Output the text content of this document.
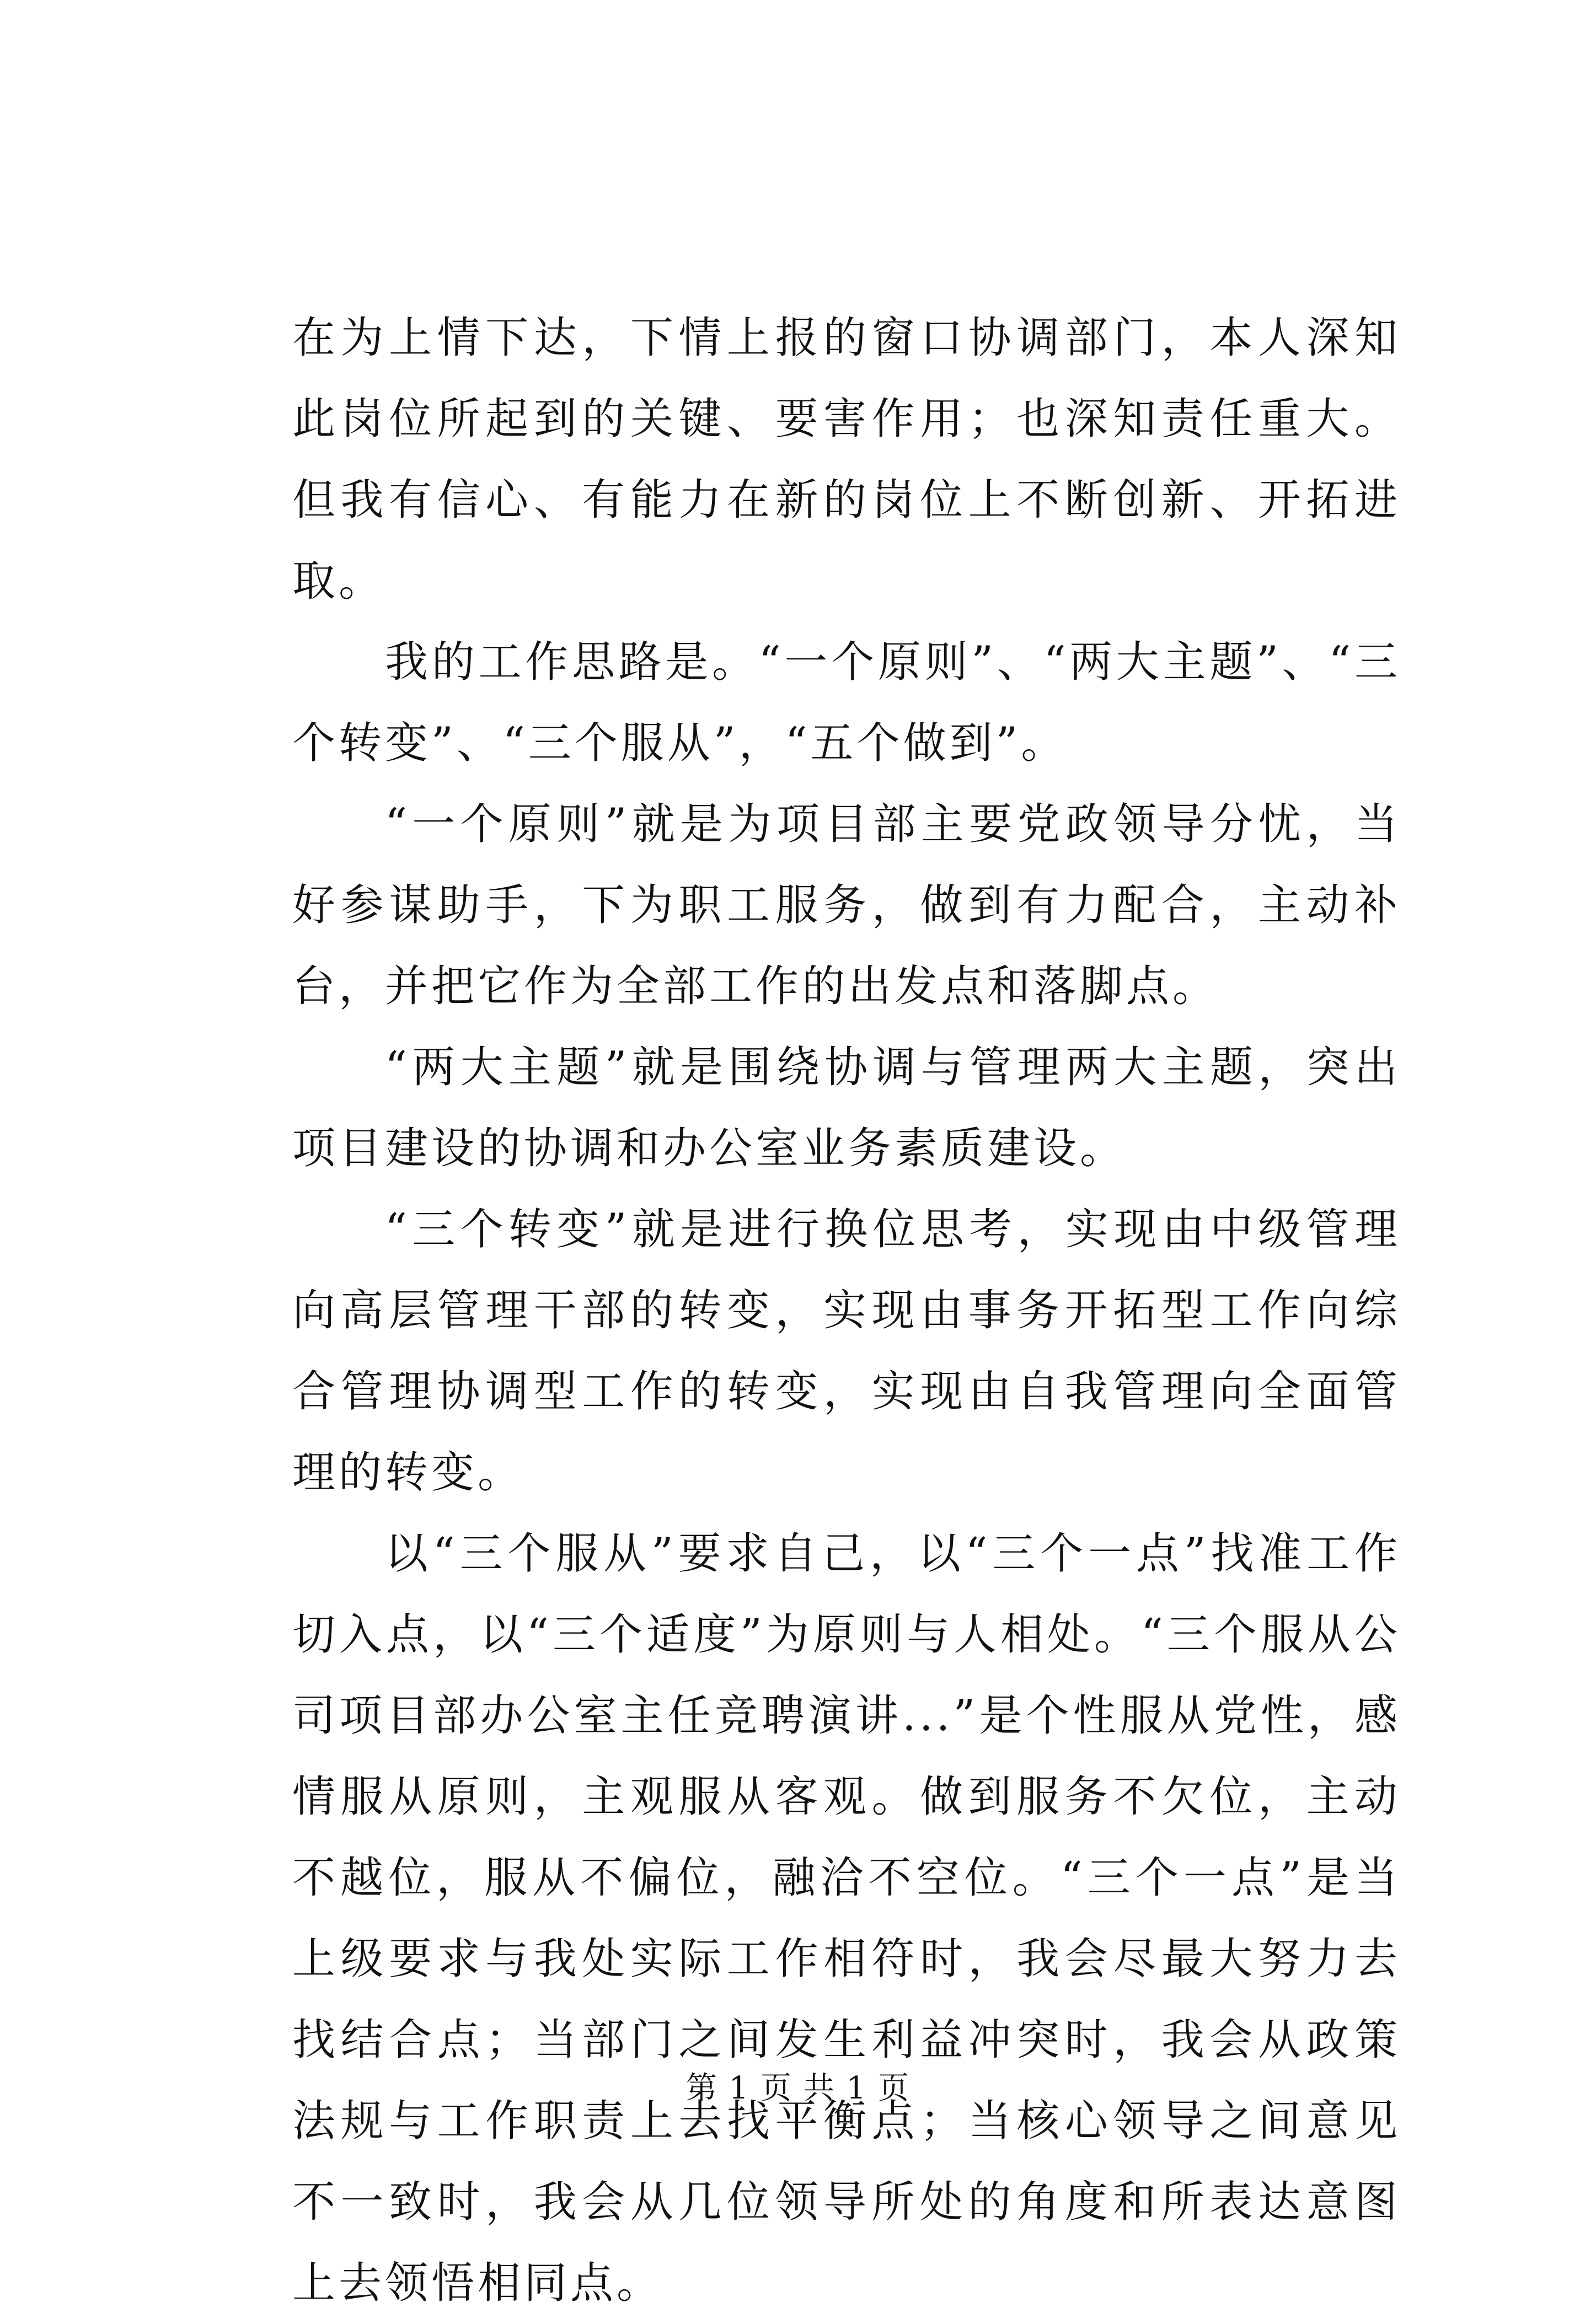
在为上情下达，下情上报的窗口协调部门，本人深知此岗位所起到的关键、要害作用；也深知责任重大。但我有信心、有能力在新的岗位上不断创新、开拓进取。

我的工作思路是。“一个原则”、“两大主题”、“三个转变”、“三个服从”，“五个做到”。

“一个原则”就是为项目部主要党政领导分忧，当好参谋助手，下为职工服务，做到有力配合，主动补台，并把它作为全部工作的出发点和落脚点。

“两大主题”就是围绕协调与管理两大主题，突出项目建设的协调和办公室业务素质建设。

“三个转变”就是进行换位思考，实现由中级管理向高层管理干部的转变，实现由事务开拓型工作向综合管理协调型工作的转变，实现由自我管理向全面管理的转变。

以“三个服从”要求自己，以“三个一点”找准工作切入点，以“三个适度”为原则与人相处。“三个服从公司项目部办公室主任竞聘演讲...”是个性服从党性，感情服从原则，主观服从客观。做到服务不欠位，主动不越位，服从不偏位，融洽不空位。“三个一点”是当上级要求与我处实际工作相符时，我会尽最大努力去找结合点；当部门之间发生利益冲突时，我会从政策法规与工作职责上去找平衡点；当核心领导之间意见不一致时，我会从几位领导所处的角度和所表达意图上去领悟相同点。

第 1 页 共 1 页
